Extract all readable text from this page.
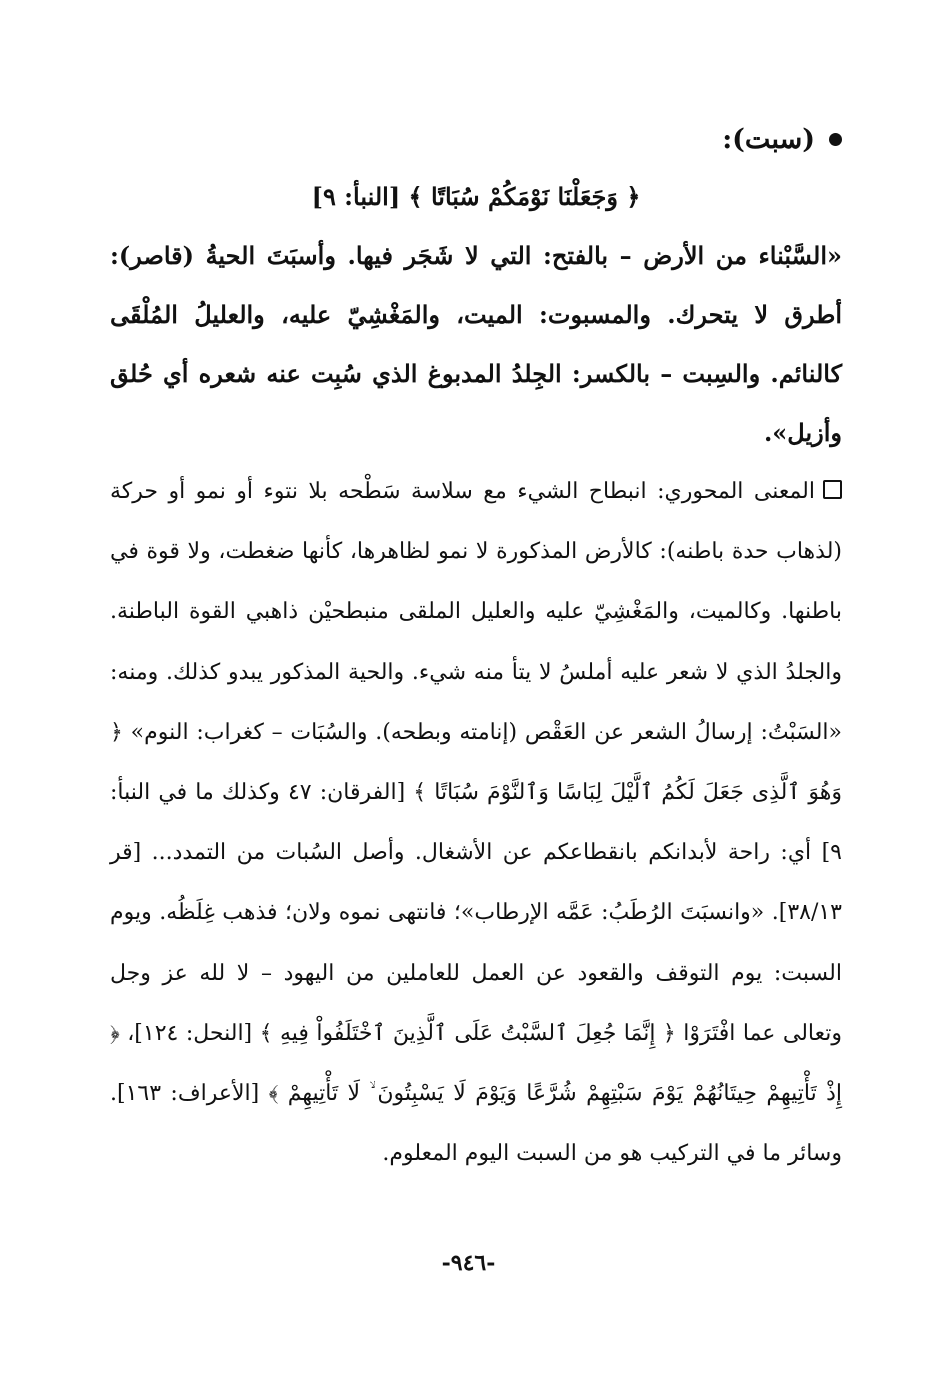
(سبت):

﴿ وَجَعَلْنَا نَوْمَكُمْ سُبَاتًا ﴾ [النبأ: ٩]

«السَّبْناء من الأرض – بالفتح: التي لا شَجَر فيها. وأسبَتَ الحيةُ (قاصر): أطرق لا يتحرك. والمسبوت: الميت، والمَغْشِيّ عليه، والعليلُ المُلْقَى كالنائم. والسِبت – بالكسر: الجِلدُ المدبوغ الذي سُبِت عنه شعره أي حُلق وأزيل».

المعنى المحوري: انبطاح الشيء مع سلاسة سَطْحه بلا نتوء أو نمو أو حركة (لذهاب حدة باطنه): كالأرض المذكورة لا نمو لظاهرها، كأنها ضغطت، ولا قوة في باطنها. وكالميت، والمَغْشِيّ عليه والعليل الملقى منبطحيْن ذاهبي القوة الباطنة. والجلدُ الذي لا شعر عليه أملسُ لا يتأ منه شيء. والحية المذكور يبدو كذلك. ومنه: «السَبْتُ: إرسالُ الشعر عن العَقْص (إنامته وبطحه). والسُبَات – كغراب: النوم» ﴿ وَهُوَ ٱلَّذِى جَعَلَ لَكُمُ ٱلَّيْلَ لِبَاسًا وَٱلنَّوْمَ سُبَاتًا ﴾ [الفرقان: ٤٧ وكذلك ما في النبأ: ٩] أي: راحة لأبدانكم بانقطاعكم عن الأشغال. وأصل السُبات من التمدد... [قر ٣٨/١٣]. «وانسبَتَ الرُطَبُ: عَمَّه الإرطاب»؛ فانتهى نموه ولان؛ فذهب غِلَظُه. ويوم السبت: يوم التوقف والقعود عن العمل للعاملين من اليهود – لا لله عز وجل وتعالى عما افْتَرَوْا ﴿ إِنَّمَا جُعِلَ ٱلسَّبْتُ عَلَى ٱلَّذِينَ ٱخْتَلَفُواْ فِيهِ ﴾ [النحل: ١٢٤]، ﴿ إِذْ تَأْتِيهِمْ حِيتَانُهُمْ يَوْمَ سَبْتِهِمْ شُرَّعًا وَيَوْمَ لَا يَسْبِتُونَ ۙ لَا تَأْتِيهِمْ ﴾ [الأعراف: ١٦٣]. وسائر ما في التركيب هو من السبت اليوم المعلوم.

-٩٤٦-
